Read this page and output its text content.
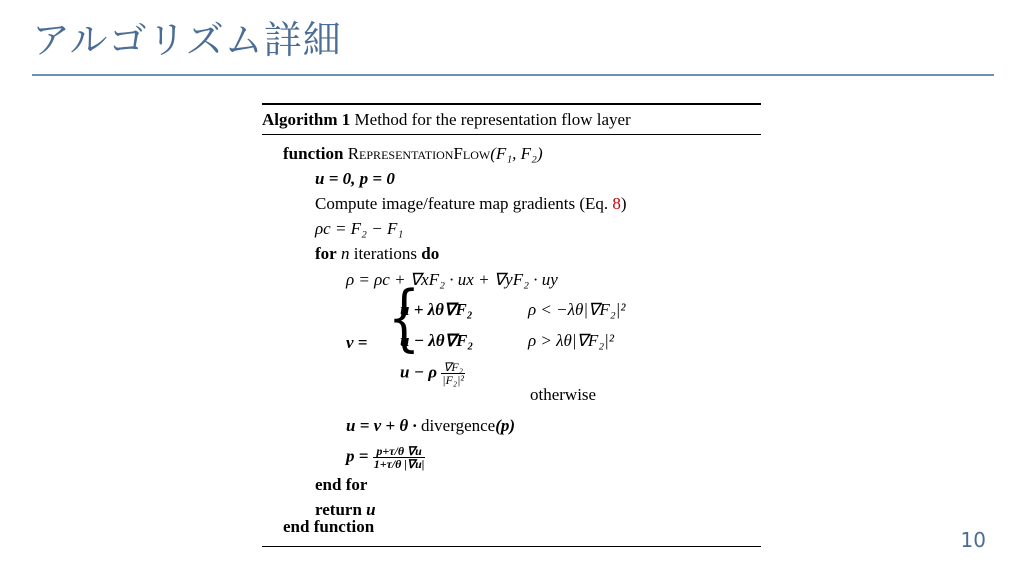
アルゴリズム詳細
Algorithm 1 Method for the representation flow layer
function RepresentationFlow(F₁, F₂)
u = 0, p = 0
Compute image/feature map gradients (Eq. 8)
ρc = F₂ − F₁
for n iterations do
ρ = ρc + ∇xF₂ · ux + ∇yF₂ · uy
v = {
u + λθ∇F₂	ρ < −λθ|∇F₂|²
u − λθ∇F₂	ρ > λθ|∇F₂|²
u − ρ $\frac{\text{∇F₂}}{\text{|F₂|²}}$
otherwise
u = v + θ · divergence(p)
$p = \frac{p+\tau/\theta \nabla u}{1+\tau/\theta |\nabla u|}$
end for
return u
end function
10
